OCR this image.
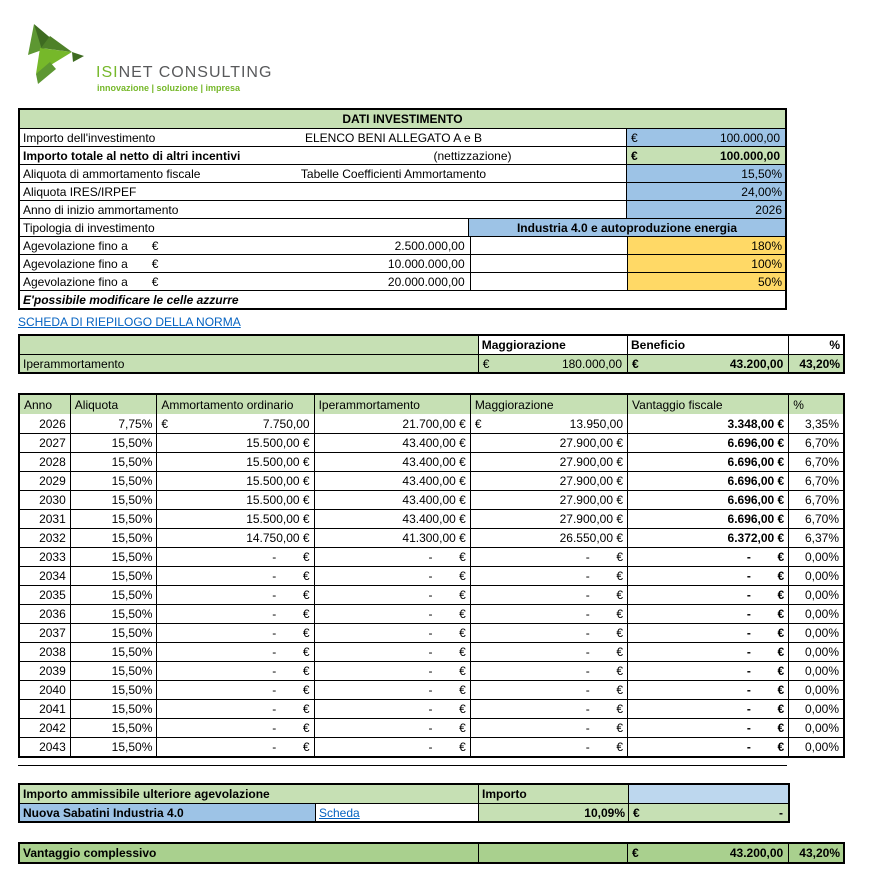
ISINET CONSULTING
innovazione | soluzione | impresa
DATI INVESTIMENTO
Importo dell'investimento	ELENCO BENI ALLEGATO A e B	€	100.000,00
Importo totale al netto di altri incentivi	(nettizzazione)	€	100.000,00
Aliquota di ammortamento fiscale	Tabelle Coefficienti Ammortamento	15,50%
Aliquota IRES/IRPEF	24,00%
Anno di inizio ammortamento	2026
Tipologia di investimento	Industria 4.0 e autoproduzione energia
Agevolazione fino a €	2.500.000,00	180%
Agevolazione fino a €	10.000.000,00	100%
Agevolazione fino a €	20.000.000,00	50%
E'possibile modificare le celle azzurre
SCHEDA DI RIEPILOGO DELLA NORMA
Maggiorazione	Beneficio	%
Iperammortamento	€	180.000,00 €	43.200,00	43,20%
Anno	Aliquota	Ammortamento ordinario	Iperammortamento	Maggiorazione	Vantaggio fiscale	%
2026	7,75% €	7.750,00	21.700,00 € €	13.950,00	3.348,00 €	3,35%
2027	15,50%	15.500,00 €	43.400,00 €	27.900,00 €	6.696,00 €	6,70%
2028	15,50%	15.500,00 €	43.400,00 €	27.900,00 €	6.696,00 €	6,70%
2029	15,50%	15.500,00 €	43.400,00 €	27.900,00 €	6.696,00 €	6,70%
2030	15,50%	15.500,00 €	43.400,00 €	27.900,00 €	6.696,00 €	6,70%
2031	15,50%	15.500,00 €	43.400,00 €	27.900,00 €	6.696,00 €	6,70%
2032	15,50%	14.750,00 €	41.300,00 €	26.550,00 €	6.372,00 €	6,37%
2033	15,50%	-        €	-        €	-        €	-        €	0,00%
2034	15,50%	-        €	-        €	-        €	-        €	0,00%
2035	15,50%	-        €	-        €	-        €	-        €	0,00%
2036	15,50%	-        €	-        €	-        €	-        €	0,00%
2037	15,50%	-        €	-        €	-        €	-        €	0,00%
2038	15,50%	-        €	-        €	-        €	-        €	0,00%
2039	15,50%	-        €	-        €	-        €	-        €	0,00%
2040	15,50%	-        €	-        €	-        €	-        €	0,00%
2041	15,50%	-        €	-        €	-        €	-        €	0,00%
2042	15,50%	-        €	-        €	-        €	-        €	0,00%
2043	15,50%	-        €	-        €	-        €	-        €	0,00%
Importo ammissibile ulteriore agevolazione	Importo
Nuova Sabatini Industria 4.0	Scheda	10,09% €	-
Vantaggio complessivo	€	43.200,00	43,20%
